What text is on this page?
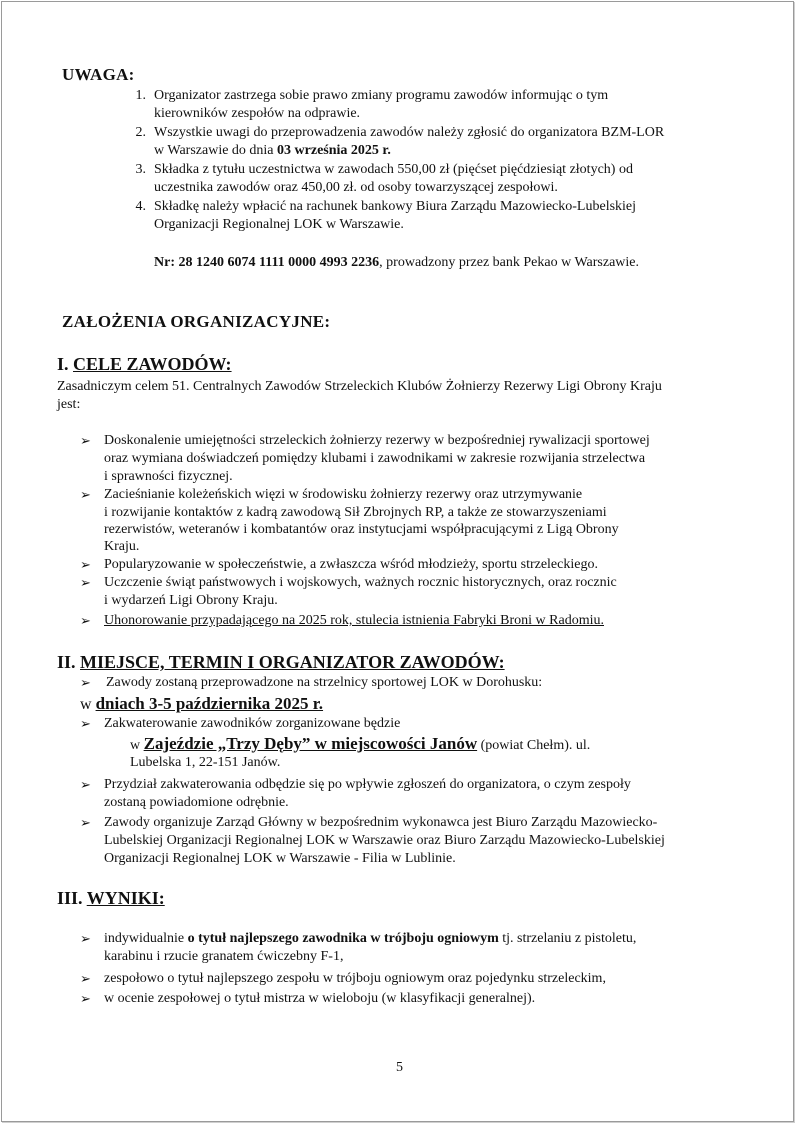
UWAGA:
1. Organizator zastrzega sobie prawo zmiany programu zawodów informując o tym
kierowników zespołów na odprawie.
2. Wszystkie uwagi do przeprowadzenia zawodów należy zgłosić do organizatora BZM-LOR
w Warszawie do dnia 03 września 2025 r.
3. Składka z tytułu uczestnictwa w zawodach 550,00 zł (pięćset pięćdziesiąt złotych) od
uczestnika zawodów oraz 450,00 zł. od osoby towarzyszącej zespołowi.
4. Składkę należy wpłacić na rachunek bankowy Biura Zarządu Mazowiecko-Lubelskiej
Organizacji Regionalnej LOK w Warszawie.
Nr: 28 1240 6074 1111 0000 4993 2236, prowadzony przez bank Pekao w Warszawie.
ZAŁOŻENIA ORGANIZACYJNE:
I. CELE ZAWODÓW:
Zasadniczym celem 51. Centralnych Zawodów Strzeleckich Klubów Żołnierzy Rezerwy Ligi Obrony Kraju
jest:
➢ Doskonalenie umiejętności strzeleckich żołnierzy rezerwy w bezpośredniej rywalizacji sportowej
oraz wymiana doświadczeń pomiędzy klubami i zawodnikami w zakresie rozwijania strzelectwa
i sprawności fizycznej.
➢ Zacieśnianie koleżeńskich więzi w środowisku żołnierzy rezerwy oraz utrzymywanie
i rozwijanie kontaktów z kadrą zawodową Sił Zbrojnych RP, a także ze stowarzyszeniami
rezerwistów, weteranów i kombatantów oraz instytucjami współpracującymi z Ligą Obrony
Kraju.
➢ Popularyzowanie w społeczeństwie, a zwłaszcza wśród młodzieży, sportu strzeleckiego.
➢ Uczczenie świąt państwowych i wojskowych, ważnych rocznic historycznych, oraz rocznic
i wydarzeń Ligi Obrony Kraju.
➢ Uhonorowanie przypadającego na 2025 rok, stulecia istnienia Fabryki Broni w Radomiu.
II. MIEJSCE, TERMIN I ORGANIZATOR ZAWODÓW:
➢ Zawody zostaną przeprowadzone na strzelnicy sportowej LOK w Dorohusku:
w dniach 3-5 października 2025 r.
➢ Zakwaterowanie zawodników zorganizowane będzie
w Zajeździe „Trzy Dęby” w miejscowości Janów (powiat Chełm). ul.
Lubelska 1, 22-151 Janów.
➢ Przydział zakwaterowania odbędzie się po wpływie zgłoszeń do organizatora, o czym zespoły
zostaną powiadomione odrębnie.
➢ Zawody organizuje Zarząd Główny w bezpośrednim wykonawca jest Biuro Zarządu Mazowiecko-
Lubelskiej Organizacji Regionalnej LOK w Warszawie oraz Biuro Zarządu Mazowiecko-Lubelskiej
Organizacji Regionalnej LOK w Warszawie - Filia w Lublinie.
III. WYNIKI:
➢ indywidualnie o tytuł najlepszego zawodnika w trójboju ogniowym tj. strzelaniu z pistoletu,
karabinu i rzucie granatem ćwiczebny F-1,
➢ zespołowo o tytuł najlepszego zespołu w trójboju ogniowym oraz pojedynku strzeleckim,
➢ w ocenie zespołowej o tytuł mistrza w wieloboju (w klasyfikacji generalnej).
5
